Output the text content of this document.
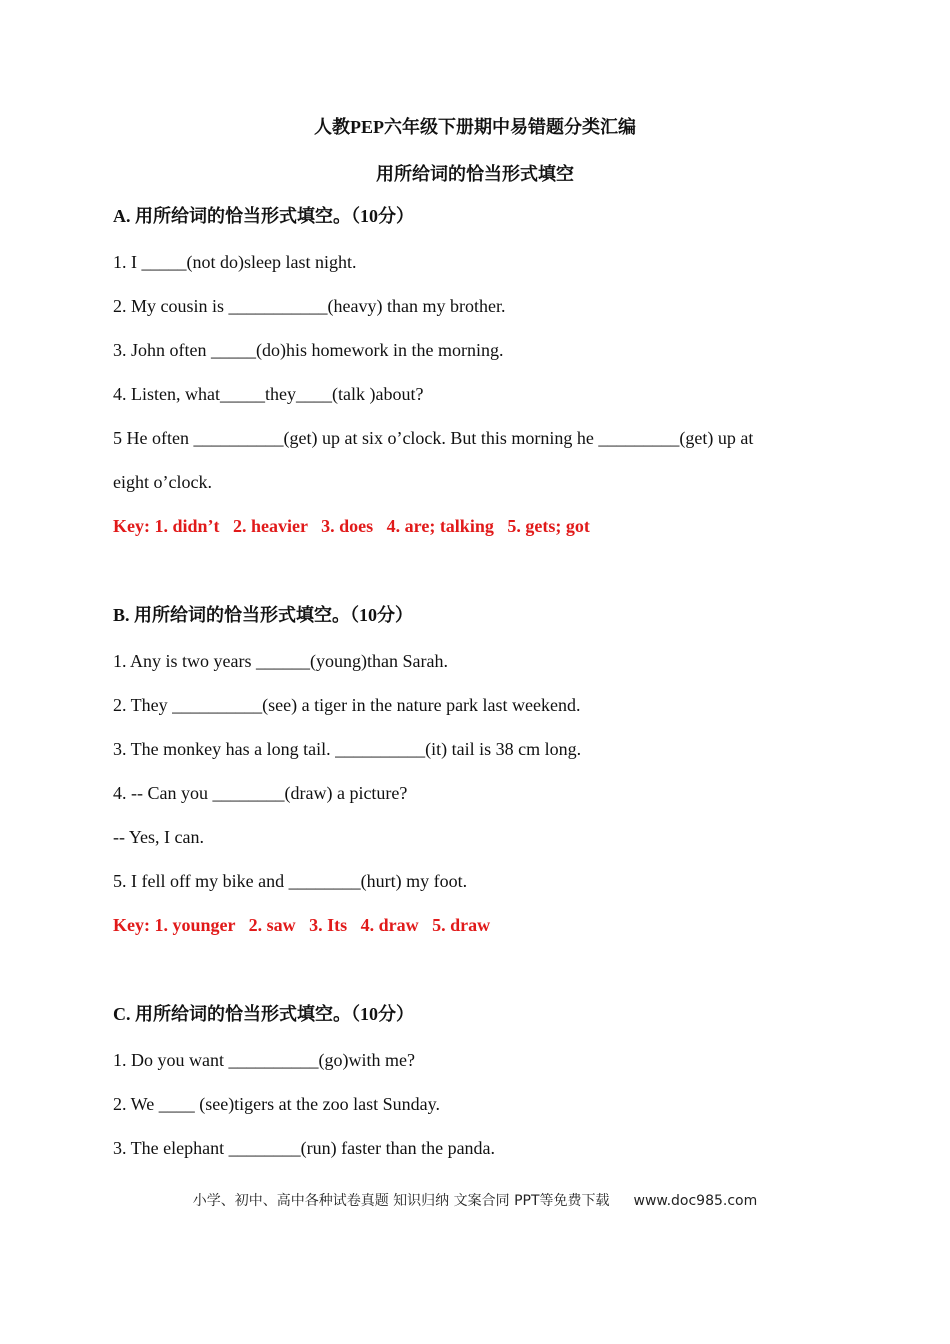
人教PEP六年级下册期中易错题分类汇编
用所给词的恰当形式填空
A. 用所给词的恰当形式填空。（10分）
1. I _____(not do)sleep last night.
2. My cousin is ___________(heavy) than my brother.
3. John often _____(do)his homework in the morning.
4. Listen, what_____they____(talk )about?
5 He often __________(get) up at six o’clock. But this morning he _________(get) up at
eight o’clock.
Key: 1. didn’t   2. heavier   3. does   4. are; talking   5. gets; got
B. 用所给词的恰当形式填空。（10分）
1. Any is two years ______(young)than Sarah.
2. They __________(see) a tiger in the nature park last weekend.
3. The monkey has a long tail. __________(it) tail is 38 cm long.
4. -- Can you ________(draw) a picture?
-- Yes, I can.
5. I fell off my bike and ________(hurt) my foot.
Key: 1. younger   2. saw   3. Its   4. draw   5. draw
C. 用所给词的恰当形式填空。（10分）
1. Do you want __________(go)with me?
2. We ____ (see)tigers at the zoo last Sunday.
3. The elephant ________(run) faster than the panda.
小学、初中、高中各种试卷真题 知识归纳 文案合同 PPT等免费下载 www.doc985.com
